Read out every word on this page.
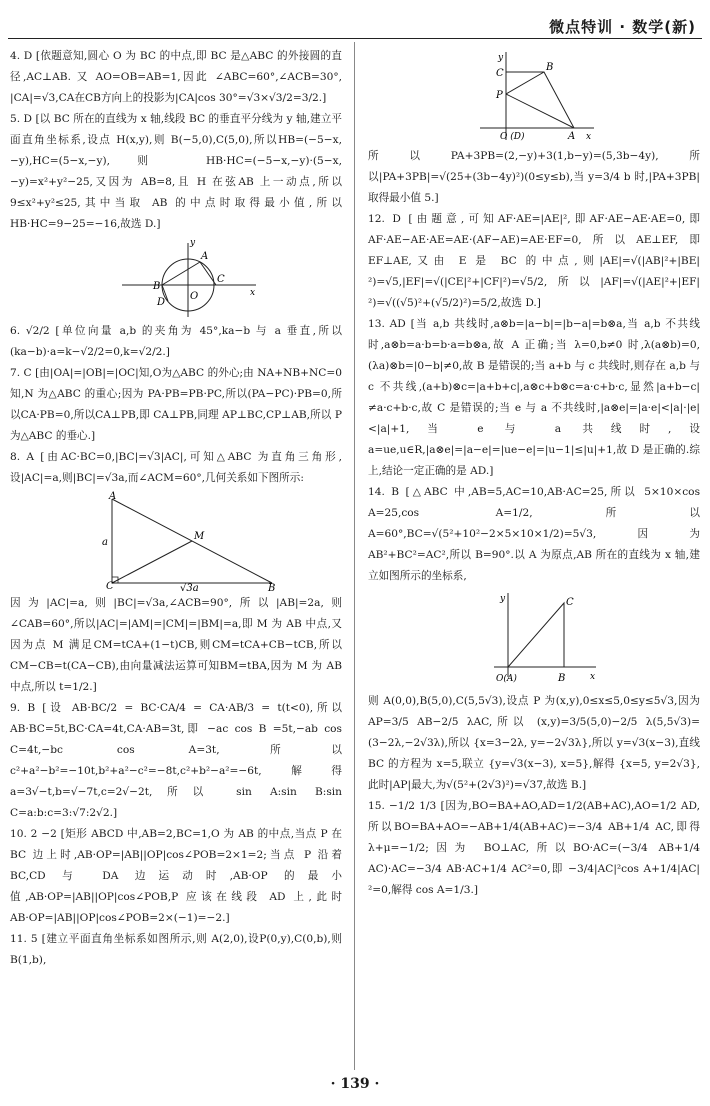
微点特训 · 数学(新)

4. D [依题意知,圆心 O 为 BC 的中点,即 BC 是△ABC 的外接圆的直径,AC⊥AB. 又 AO=OB=AB=1,因此 ∠ABC=60°,∠ACB=30°, |CA|=√3,CA在CB方向上的投影为|CA|cos 30°=√3×√3/2=3/2.]

5. D [以 BC 所在的直线为 x 轴,线段 BC 的垂直平分线为 y 轴,建立平面直角坐标系,设点 H(x,y),则 B(−5,0),C(5,0),所以HB=(−5−x,−y),HC=(5−x,−y),则 HB·HC=(−5−x,−y)·(5−x,−y)=x²+y²−25,又因为 AB=8,且 H 在弦AB 上一动点,所以 9≤x²+y²≤25,其中当取 AB 的中点时取得最小值,所以 HB·HC=9−25=−16,故选 D.]

A
B
O
C
D
y
x

6. √2/2 [单位向量 a,b 的夹角为 45°,ka−b 与 a 垂直,所以 (ka−b)·a=k−√2/2=0,k=√2/2.]

7. C [由|OA|=|OB|=|OC|知,O为△ABC 的外心;由 NA+NB+NC=0 知,N 为△ABC 的重心;因为 PA·PB=PB·PC,所以(PA−PC)·PB=0,所以CA·PB=0,所以CA⊥PB,即 CA⊥PB,同理 AP⊥BC,CP⊥AB,所以 P 为△ABC 的垂心.]

8. A [由AC·BC=0,|BC|=√3|AC|,可知△ABC 为直角三角形,设|AC|=a,则|BC|=√3a,而∠ACM=60°,几何关系如下图所示:

A
M
a
C	√3a	B

因为|AC|=a,则|BC|=√3a,∠ACB=90°,所以|AB|=2a,则∠CAB=60°,所以|AC|=|AM|=|CM|=|BM|=a,即 M 为 AB 中点,又因为点 M 满足CM=tCA+(1−t)CB,则CM=tCA+CB−tCB,所以CM−CB=t(CA−CB),由向量减法运算可知BM=tBA,因为 M 为 AB 中点,所以 t=1/2.]

9. B [设 AB·BC/2 = BC·CA/4 = CA·AB/3 = t(t<0),所以 AB·BC=5t,BC·CA=4t,CA·AB=3t,即 −ac cos B =5t,−ab cos C=4t,−bc cos A=3t,所以 c²+a²−b²=−10t,b²+a²−c²=−8t,c²+b²−a²=−6t,解得 a=3√−t,b=√−7t,c=2√−2t,所以 sin A:sin B:sin C=a:b:c=3:√7:2√2.]

10. 2 −2 [矩形 ABCD 中,AB=2,BC=1,O 为 AB 的中点,当点 P 在 BC 边上时,AB·OP=|AB||OP|cos∠POB=2×1=2;当点 P 沿着 BC,CD 与 DA 边运动时,AB·OP 的最小值,AB·OP=|AB||OP|cos∠POB,P 应该在线段 AD 上,此时AB·OP=|AB||OP|cos∠POB=2×(−1)=−2.]

11. 5 [建立平面直角坐标系如图所示,则 A(2,0),设P(0,y),C(0,b),则 B(1,b),

y
C
B
P
O (D)	A x

所以PA+3PB=(2,−y)+3(1,b−y)=(5,3b−4y),所以|PA+3PB|=√(25+(3b−4y)²)(0≤y≤b),当 y=3/4 b 时,|PA+3PB|取得最小值 5.]

12. D [由题意,可知AF·AE=|AE|²,即AF·AE−AE·AE=0,即AF·AE−AE·AE=AE·(AF−AE)=AE·EF=0,所以AE⊥EF,即 EF⊥AE,又由 E 是 BC 的中点,则|AE|=√(|AB|²+|BE|²)=√5,|EF|=√(|CE|²+|CF|²)=√5/2,所以|AF|=√(|AE|²+|EF|²)=√((√5)²+(√5/2)²)=5/2,故选 D.]

13. AD [当 a,b 共线时,a⊗b=|a−b|=|b−a|=b⊗a,当 a,b 不共线时,a⊗b=a·b=b·a=b⊗a,故 A 正确;当 λ=0,b≠0 时,λ(a⊗b)=0,(λa)⊗b=|0−b|≠0,故 B 是错误的;当 a+b 与 c 共线时,则存在 a,b 与 c 不共线,(a+b)⊗c=|a+b+c|,a⊗c+b⊗c=a·c+b·c,显然|a+b−c|≠a·c+b·c,故 C 是错误的;当 e 与 a 不共线时,|a⊗e|=|a·e|<|a|·|e|<|a|+1,当 e 与 a 共线时,设 a=ue,u∈R,|a⊗e|=|a−e|=|ue−e|=|u−1|≤|u|+1,故 D 是正确的.综上,结论一定正确的是 AD.]

14. B [△ABC 中,AB=5,AC=10,AB·AC=25,所以 5×10×cos A=25,cos A=1/2,所以 A=60°,BC=√(5²+10²−2×5×10×1/2)=5√3,因为 AB²+BC²=AC²,所以 B=90°.以 A 为原点,AB 所在的直线为 x 轴,建立如图所示的坐标系,

y	C
O(A)	B	x

则 A(0,0),B(5,0),C(5,5√3),设点 P 为(x,y),0≤x≤5,0≤y≤5√3,因为AP=3/5 AB−2/5 λAC,所以 (x,y)=3/5(5,0)−2/5 λ(5,5√3)=(3−2λ,−2√3λ),所以 {x=3−2λ, y=−2√3λ},所以 y=√3(x−3),直线 BC 的方程为 x=5,联立 {y=√3(x−3), x=5},解得 {x=5, y=2√3},此时|AP|最大,为√(5²+(2√3)²)=√37,故选 B.]

15. −1/2 1/3 [因为,BO=BA+AO,AD=1/2(AB+AC),AO=1/2 AD,所以BO=BA+AO=−AB+1/4(AB+AC)=−3/4 AB+1/4 AC,即得 λ+μ=−1/2;因为 BO⊥AC,所以BO·AC=(−3/4 AB+1/4 AC)·AC=−3/4 AB·AC+1/4 AC²=0,即 −3/4|AC|²cos A+1/4|AC|²=0,解得 cos A=1/3.]

· 139 ·
